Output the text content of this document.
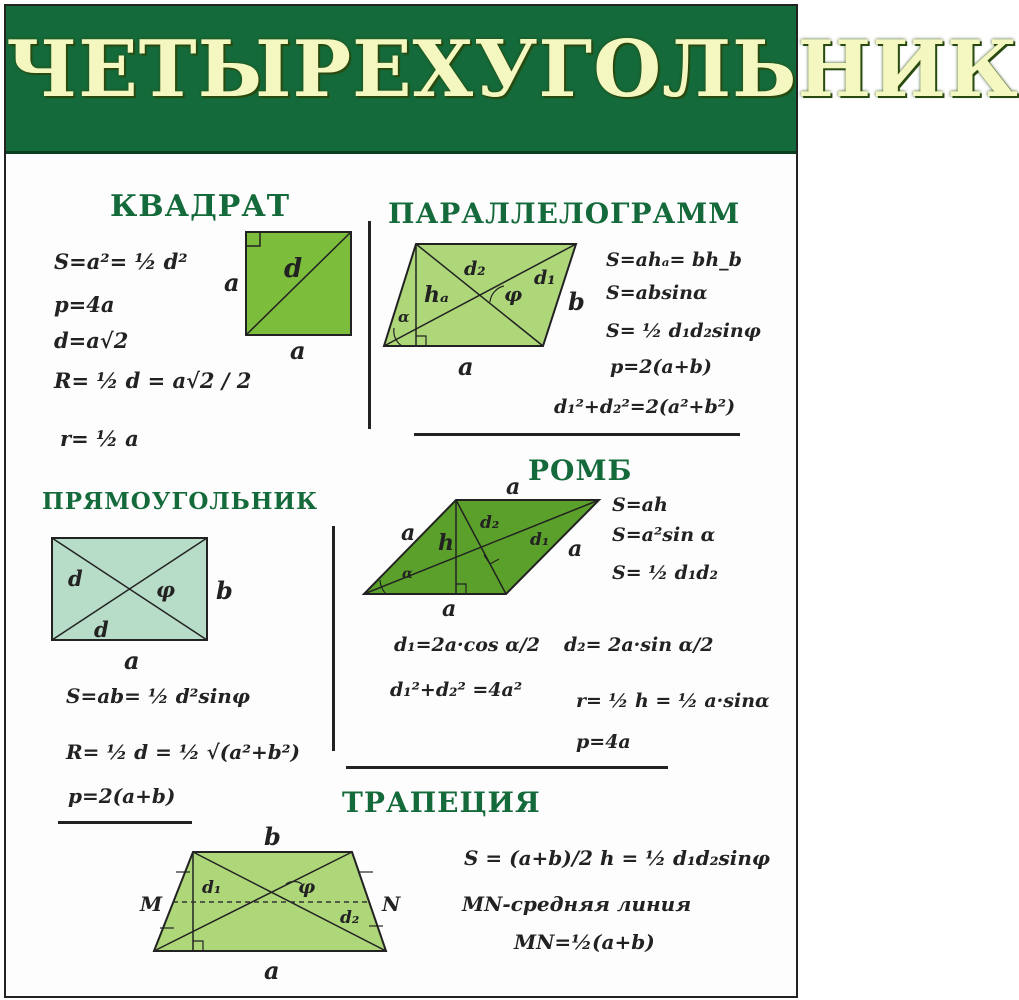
ЧЕТЫРЕХУГОЛЬНИК
КВАДРАТ
a
a
d
S=a²= ½ d²
p=4a
d=a√2
R= ½ d = a√2 / 2
r= ½ a
ПАРАЛЛЕЛОГРАММ
d₂	d₁
hₐ	φ
α
b
a
S=ahₐ= bh_b
S=absinα
S= ½ d₁d₂sinφ
p=2(a+b)
d₁²+d₂²=2(a²+b²)
РОМБ
a
a
a
a
h
d₂
d₁
α
S=ah
S=a²sin α
S= ½ d₁d₂
d₁=2a·cos α/2 d₂= 2a·sin α/2
d₁²+d₂² =4a²	r= ½ h = ½ a·sinα
p=4a
ПРЯМОУГОЛЬНИК
d	φ
d
b
a
S=ab= ½ d²sinφ
R= ½ d = ½ √(a²+b²)
p=2(a+b)	ТРАПЕЦИЯ
b
a
M	N
d₁	φ
d₂
S = (a+b)/2 h = ½ d₁d₂sinφ
MN-средняя линия
MN=½(a+b)
